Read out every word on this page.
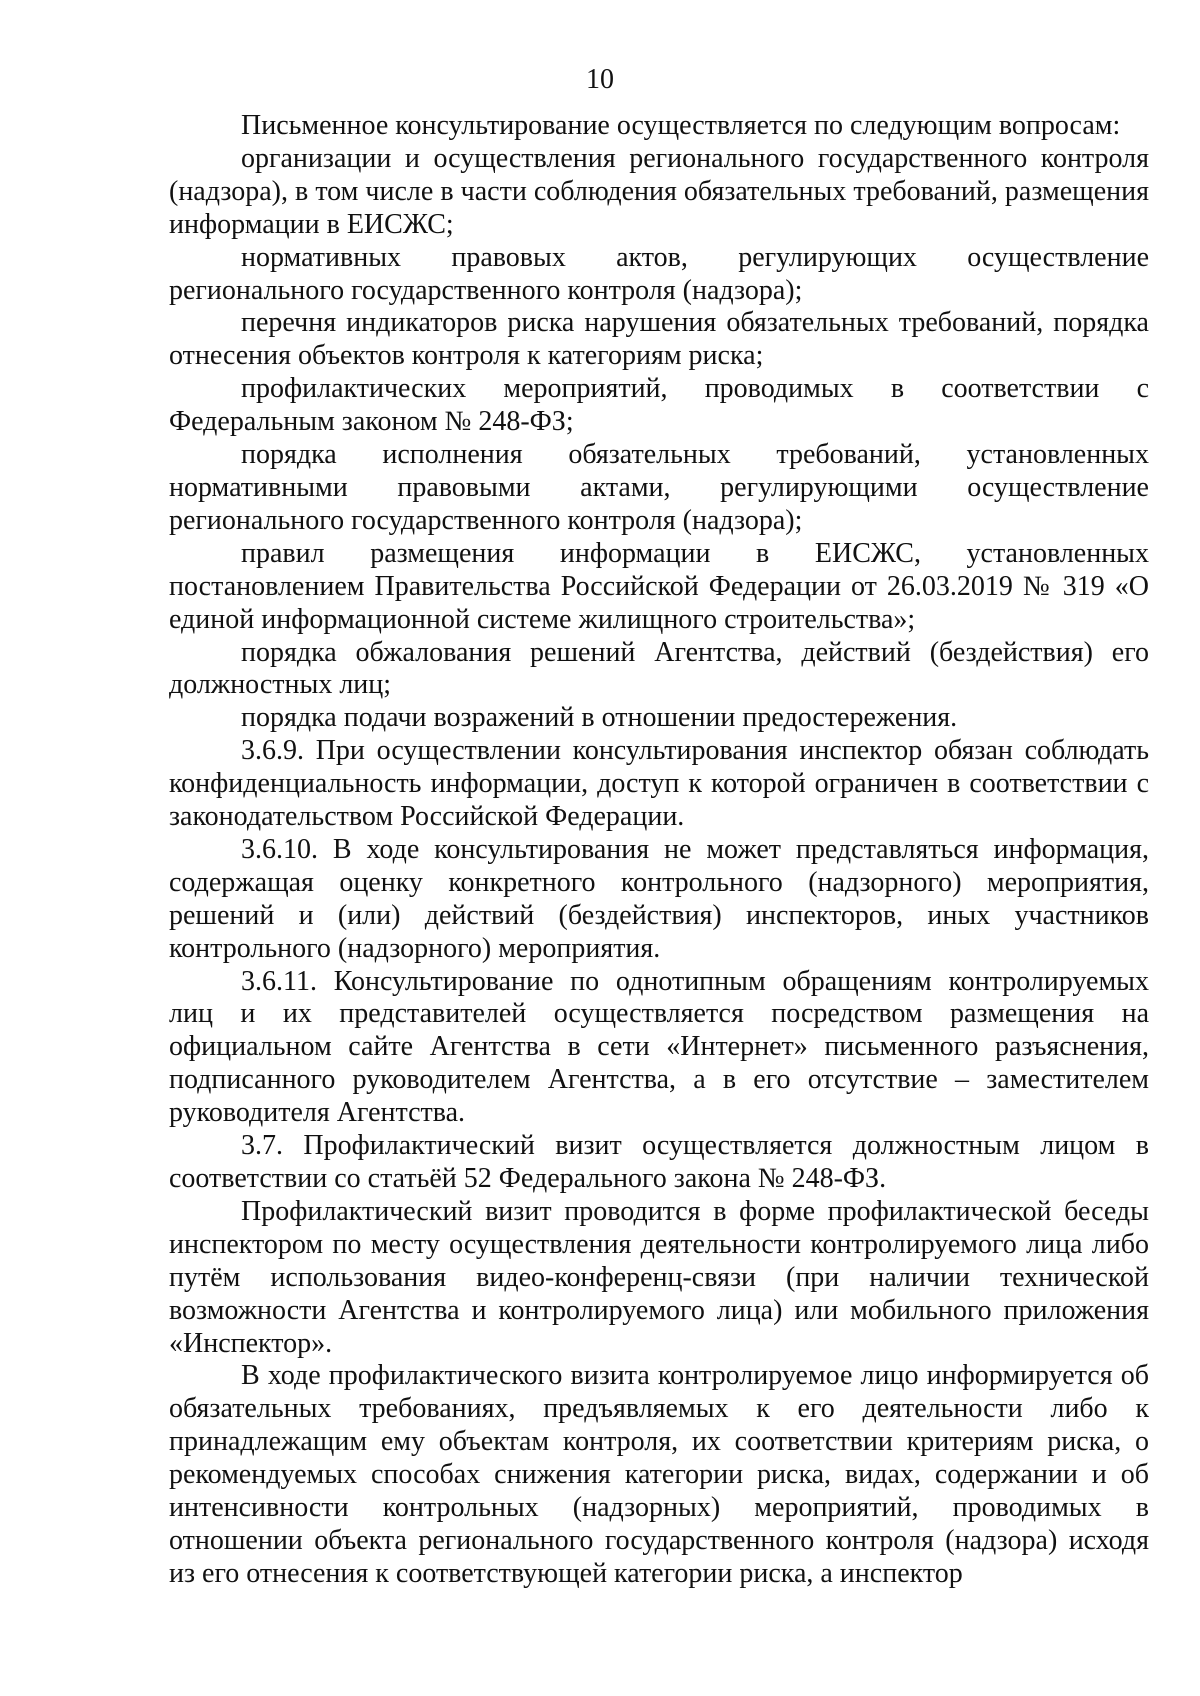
10

Письменное консультирование осуществляется по следующим вопросам:

организации и осуществления регионального государственного контроля (надзора), в том числе в части соблюдения обязательных требований, размещения информации в ЕИСЖС;

нормативных правовых актов, регулирующих осуществление регионального государственного контроля (надзора);

перечня индикаторов риска нарушения обязательных требований, порядка отнесения объектов контроля к категориям риска;

профилактических мероприятий, проводимых в соответствии с Федеральным законом № 248-ФЗ;

порядка исполнения обязательных требований, установленных нормативными правовыми актами, регулирующими осуществление регионального государственного контроля (надзора);

правил размещения информации в ЕИСЖС, установленных постановлением Правительства Российской Федерации от 26.03.2019 № 319 «О единой информационной системе жилищного строительства»;

порядка обжалования решений Агентства, действий (бездействия) его должностных лиц;

порядка подачи возражений в отношении предостережения.

3.6.9. При осуществлении консультирования инспектор обязан соблюдать конфиденциальность информации, доступ к которой ограничен в соответствии с законодательством Российской Федерации.

3.6.10. В ходе консультирования не может представляться информация, содержащая оценку конкретного контрольного (надзорного) мероприятия, решений и (или) действий (бездействия) инспекторов, иных участников контрольного (надзорного) мероприятия.

3.6.11. Консультирование по однотипным обращениям контролируемых лиц и их представителей осуществляется посредством размещения на официальном сайте Агентства в сети «Интернет» письменного разъяснения, подписанного руководителем Агентства, а в его отсутствие – заместителем руководителя Агентства.

3.7. Профилактический визит осуществляется должностным лицом в соответствии со статьёй 52 Федерального закона № 248-ФЗ.

Профилактический визит проводится в форме профилактической беседы инспектором по месту осуществления деятельности контролируемого лица либо путём использования видео-конференц-связи (при наличии технической возможности Агентства и контролируемого лица) или мобильного приложения «Инспектор».

В ходе профилактического визита контролируемое лицо информируется об обязательных требованиях, предъявляемых к его деятельности либо к принадлежащим ему объектам контроля, их соответствии критериям риска, о рекомендуемых способах снижения категории риска, видах, содержании и об интенсивности контрольных (надзорных) мероприятий, проводимых в отношении объекта регионального государственного контроля (надзора) исходя из его отнесения к соответствующей категории риска, а инспектор
